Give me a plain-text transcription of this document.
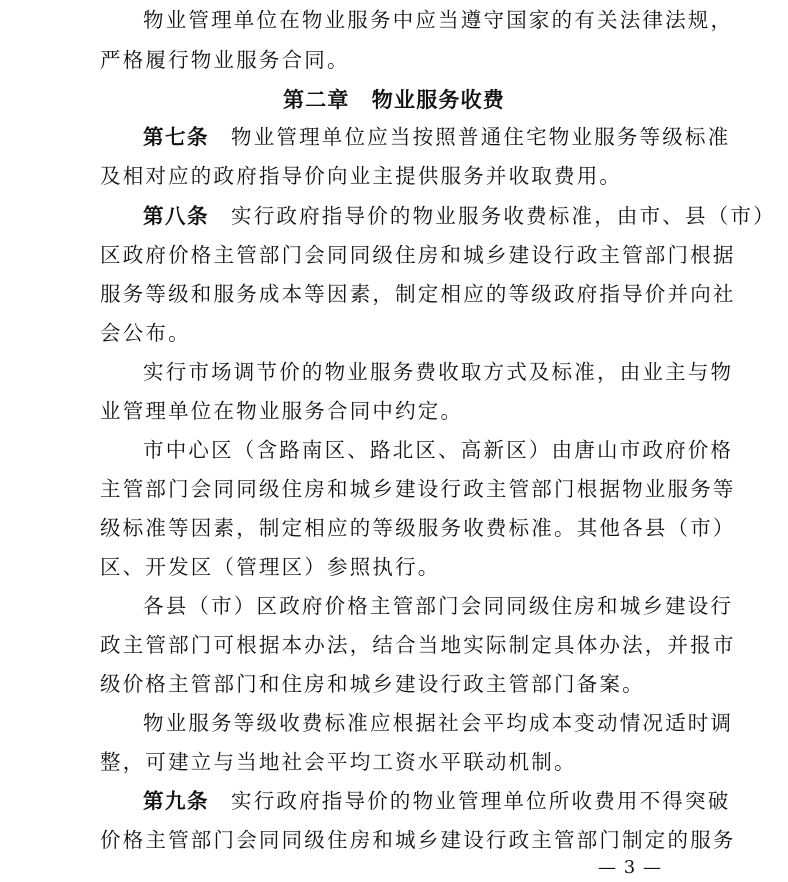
物业管理单位在物业服务中应当遵守国家的有关法律法规，
严格履行物业服务合同。
第二章　物业服务收费
第七条 物业管理单位应当按照普通住宅物业服务等级标准
及相对应的政府指导价向业主提供服务并收取费用。
第八条 实行政府指导价的物业服务收费标准，由市、县（市）
区政府价格主管部门会同同级住房和城乡建设行政主管部门根据
服务等级和服务成本等因素，制定相应的等级政府指导价并向社
会公布。
实行市场调节价的物业服务费收取方式及标准，由业主与物
业管理单位在物业服务合同中约定。
市中心区（含路南区、路北区、高新区）由唐山市政府价格
主管部门会同同级住房和城乡建设行政主管部门根据物业服务等
级标准等因素，制定相应的等级服务收费标准。其他各县（市）
区、开发区（管理区）参照执行。
各县（市）区政府价格主管部门会同同级住房和城乡建设行
政主管部门可根据本办法，结合当地实际制定具体办法，并报市
级价格主管部门和住房和城乡建设行政主管部门备案。
物业服务等级收费标准应根据社会平均成本变动情况适时调
整，可建立与当地社会平均工资水平联动机制。
第九条 实行政府指导价的物业管理单位所收费用不得突破
价格主管部门会同同级住房和城乡建设行政主管部门制定的服务
— 3 —
